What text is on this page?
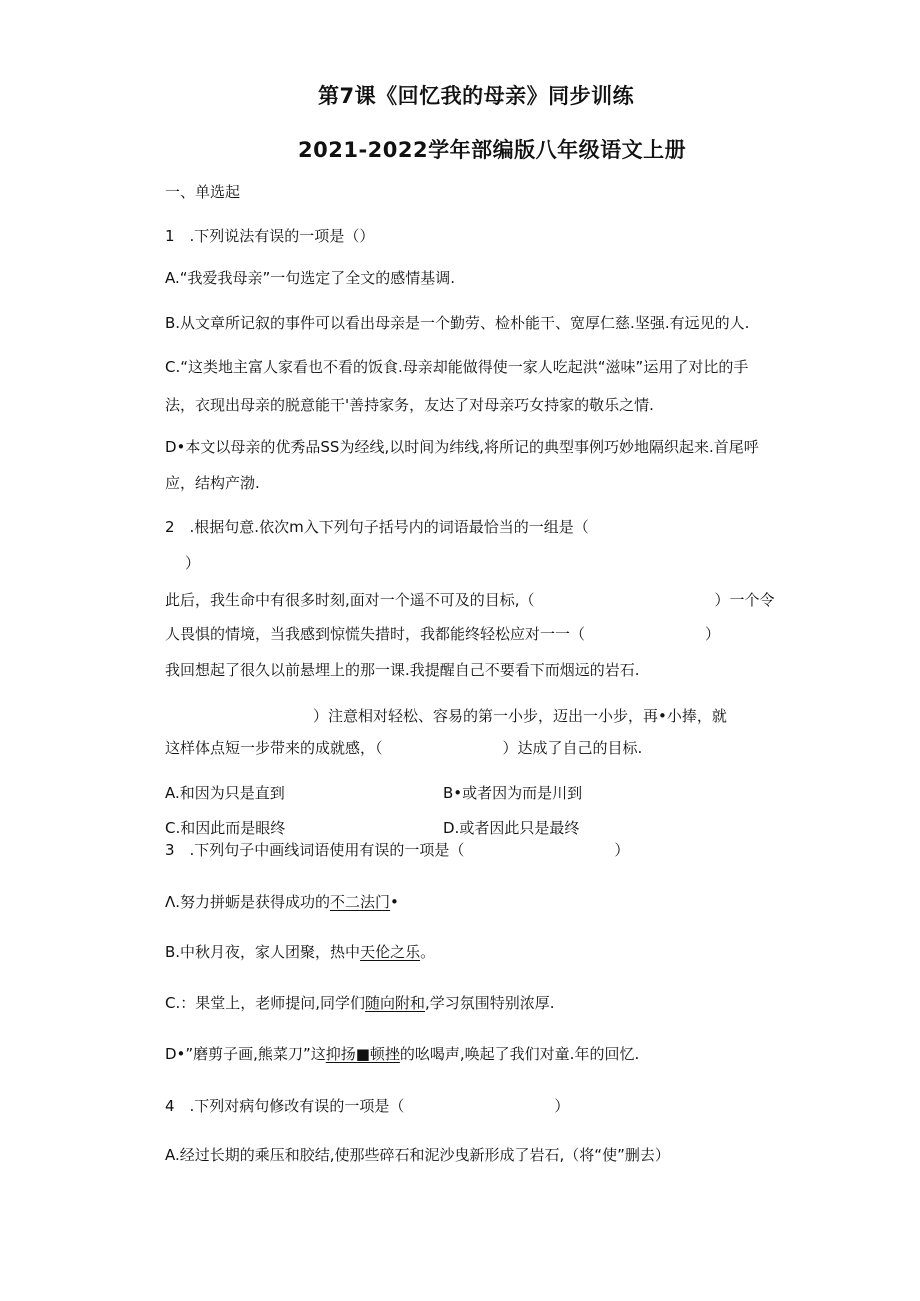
第7课《回忆我的母亲》同步训练
2021-2022学年部编版八年级语文上册
一、单选起
1　.下列说法有误的一项是（）
A.“我爱我母亲”一句选定了全文的感情基调.
B.从文章所记叙的事件可以看出母亲是一个勤劳、检朴能干、宽厚仁慈.坚强.有远见的人.
C.“这类地主富人家看也不看的饭食.母亲却能做得使一家人吃起洪“滋味”运用了对比的手
法，衣现出母亲的脱意能干'善持家务，友达了对母亲巧女持家的敬乐之情.
D•本文以母亲的优秀品SS为经线,以时间为纬线,将所记的典型事例巧妙地隔织起来.首尾呼
应，结构产渤.
2　.根据句意.依次m入下列句子括号内的词语最恰当的一组是（
）
此后，我生命中有很多时刻,面对一个遥不可及的目标,（　　　　　　　　　　　　）一个令
人畏惧的情境，当我感到惊慌失措时，我都能终轻松应对一一（　　　　　　　　）
我回想起了很久以前悬埋上的那一课.我提醒自己不要看下而烟远的岩石.
）注意相对轻松、容易的第一小步，迈出一小步，再•小捧，就
这样体点短一步带来的成就感，（　　　　　　　　）达成了自己的目标.
A.和因为只是直到	B•或者因为而是川到
C.和因此而是眼终	D.或者因此只是最终
3　.下列句子中画线词语使用有误的一项是（　　　　　　　　　　）
Λ.努力拼蛎是获得成功的不二法门•
B.中秋月夜，家人团聚，热中天伦之乐。
C.：果堂上，老师提问,同学们随向附和,学习氛围特别浓厚.
D•”磨剪子画,熊菜刀”这抑扬■顿挫的吆喝声,唤起了我们对童.年的回忆.
4　.下列对病句修改有误的一项是（　　　　　　　　　　）
A.经过长期的乘压和胶结,使那些碎石和泥沙曳新形成了岩石,（将“使”删去）
